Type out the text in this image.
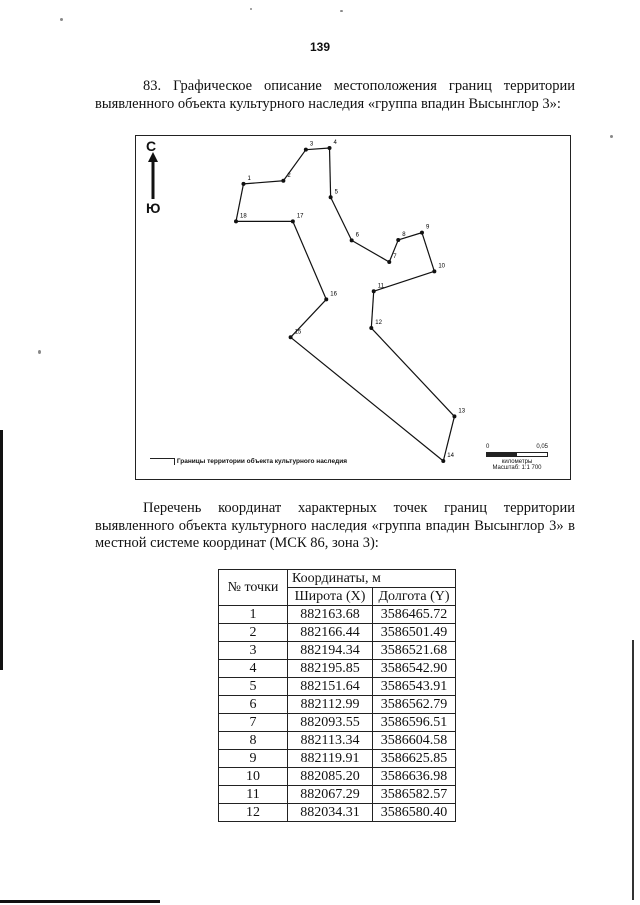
139
83. Графическое описание местоположения границ территории выявленного объекта культурного наследия «группа впадин Высынглор 3»:
1
2
3	4
5
6
7
8
9
10
11
12
13
14
15
16
17
18
С
Ю
Границы территории объекта культурного наследия
0	0,05
километры
Масштаб: 1:1 700
Перечень координат характерных точек границ территории выявленного объекта культурного наследия «группа впадин Высынглор 3» в местной системе координат (МСК 86, зона 3):
№ точки	Координаты, м	
	Широта (X)	Долгота (Y)
1	882163.68	3586465.72
2	882166.44	3586501.49
3	882194.34	3586521.68
4	882195.85	3586542.90
5	882151.64	3586543.91
6	882112.99	3586562.79
7	882093.55	3586596.51
8	882113.34	3586604.58
9	882119.91	3586625.85
10	882085.20	3586636.98
11	882067.29	3586582.57
12	882034.31	3586580.40
